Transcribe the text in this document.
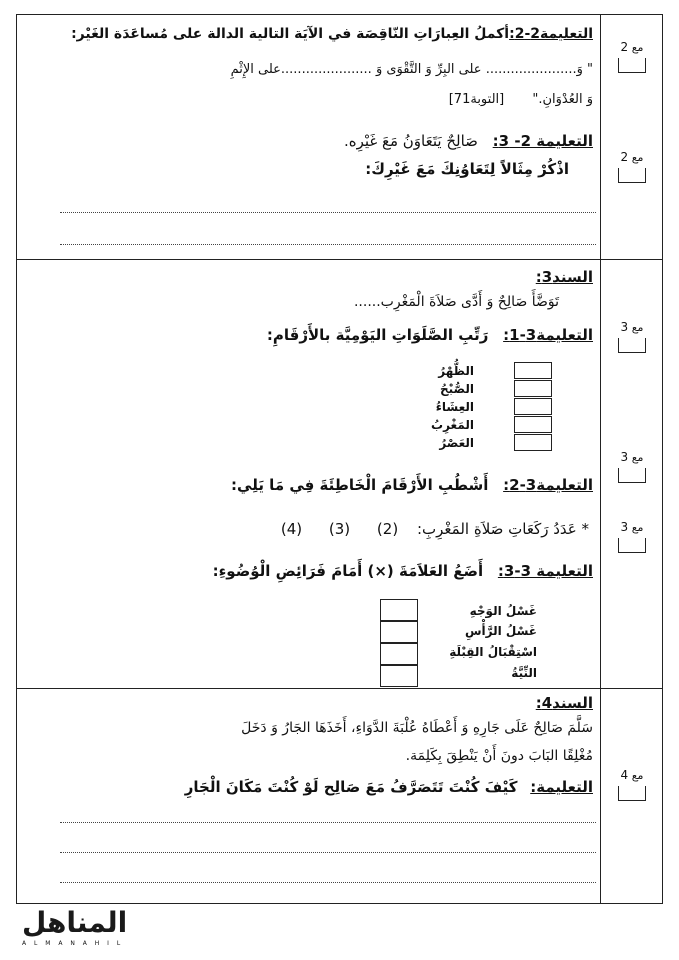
مع 2
مع 2
مع 3
مع 3
مع 3
مع 4
التعليمة2-2:أكملُ العِبارَاتِ النّاقِصَة في الآيَة التالية الدالة على مُساعَدَة الغَيْر:
" وَ...................... على البِرِّ وَ التَّقْوَى وَ ......................على الإِثْمِ
وَ العُدْوَانِ." [التوبة71]
التعليمة 2- 3: صَالِحٌ يَتَعَاوَنُ مَعَ غَيْرِه.
اذْكُرْ مِثَالاً لِتَعَاوُنِكَ مَعَ غَيْرِكَ:
السند3:
تَوَضَّأَ صَالِحٌ وَ أَدَّى صَلاَةَ الْمَغْرِب......
التعليمة3-1: رَتِّبِ الصَّلَوَاتِ اليَوْمِيَّة بالأَرْقَامِ:
الظُّهْرُ
الصُّبْحُ
العِشَاءُ
المَغْرِبُ
العَصْرُ
التعليمة3-2: أَشْطُبِ الأَرْقَامَ الْخَاطِئَةَ فِي مَا يَلِي:
* عَدَدُ رَكَعَاتِ صَلاَةِ المَغْرِبِ: (2) (3) (4)
التعليمة 3-3: أَضَعُ العَلاَمَةَ (×) أَمَامَ فَرَائِضِ الْوُضُوءِ:
غَسْلُ الوَجْهِ
غَسْلُ الرَّأْسِ
اسْتِقْبَالُ القِبْلَةِ
النِّيَّةُ
السند4:
سَلَّمَ صَالِحٌ عَلَى جَارِهِ وَ أَعْطَاهُ عُلْبَةَ الدَّوَاءِ، أَخَذَهَا الجَارُ وَ دَخَلَ
مُغْلِقًا البَابَ دونَ أَنْ يَنْطِقَ بِكَلِمَة.
التعليمة: كَيْفَ كُنْتَ تَتَصَرَّفُ مَعَ صَالِح لَوْ كُنْتَ مَكَانَ الْجَارِ
المناهل
A L M A N A H I L
